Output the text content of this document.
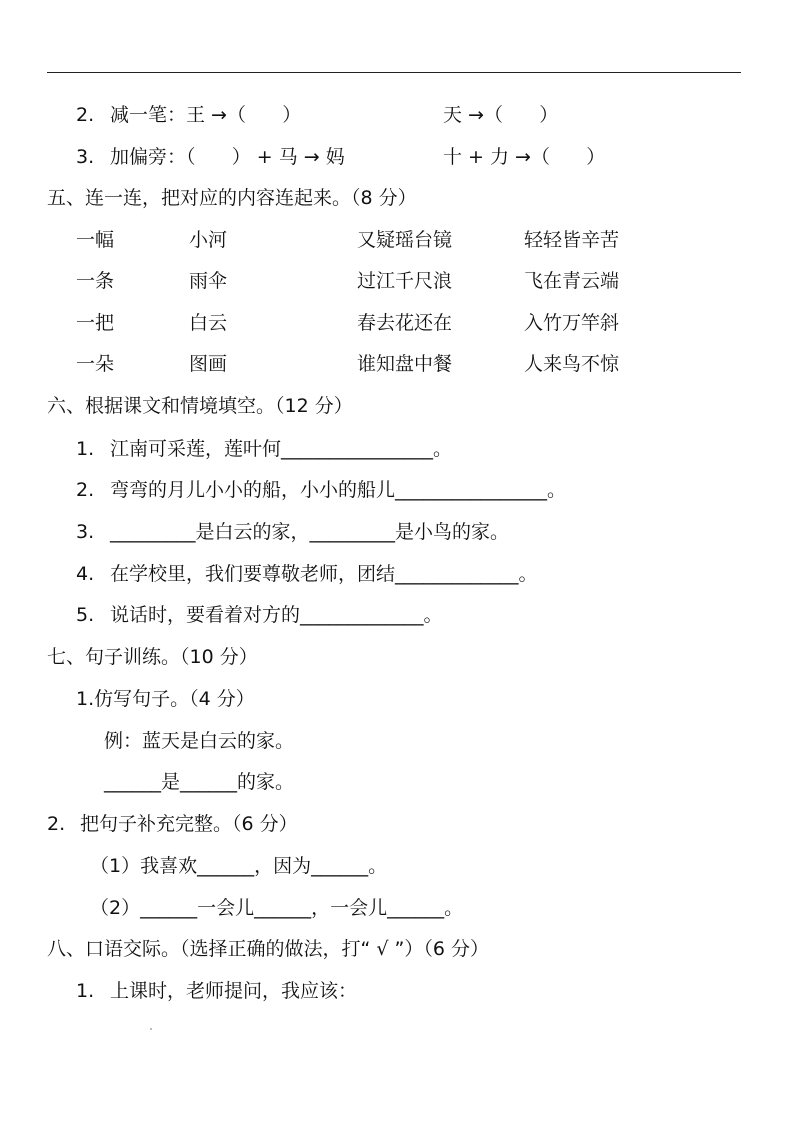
2. 减一笔：王 →（      ）	天 →（      ）
3. 加偏旁：（      ） + 马 → 妈	十 + 力 →（      ）
五、连一连，把对应的内容连起来。（8 分）
一幅	小河	又疑瑶台镜	轻轻皆辛苦
一条	雨伞	过江千尺浪	飞在青云端
一把	白云	春去花还在	入竹万竿斜
一朵	图画	谁知盘中餐	人来鸟不惊
六、根据课文和情境填空。（12 分）
1. 江南可采莲，莲叶何________________。
2. 弯弯的月儿小小的船，小小的船儿________________。
3. _________是白云的家，_________是小鸟的家。
4. 在学校里，我们要尊敬老师，团结_____________。
5. 说话时，要看着对方的_____________。
七、句子训练。（10 分）
1.仿写句子。（4 分）
例：蓝天是白云的家。
______是______的家。
2. 把句子补充完整。（6 分）
（1）我喜欢______，因为______。
（2）______一会儿______，一会儿______。
八、口语交际。（选择正确的做法，打“ √ ”）（6 分）
1. 上课时，老师提问，我应该：
